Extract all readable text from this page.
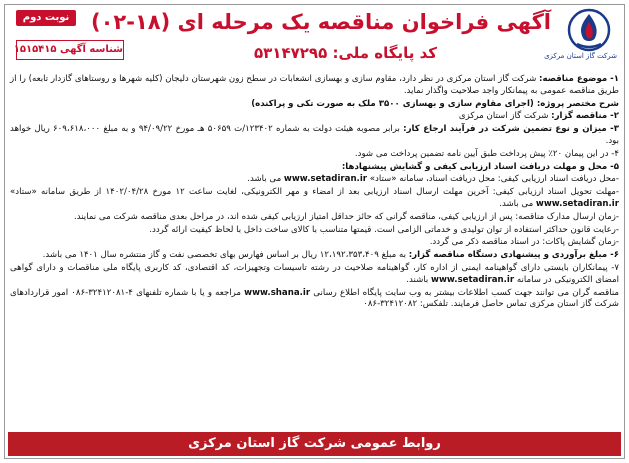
شرکت گاز استان مرکزی
آگهی فراخوان مناقصه یک مرحله ای (۱۸-۰۲)
کد پایگاه ملی: ۵۳۱۴۷۲۹۵
نوبت دوم
شناسه آگهی ۱۵۱۵۴۱۵
۱- موضوع مناقصه: شرکت گاز استان مرکزی در نظر دارد، مقاوم سازی و بهسازی انشعابات در سطح زون شهرستان دلیجان (کلیه شهرها و روستاهای گازدار تابعه) را از طریق مناقصه عمومی به پیمانکار واجد صلاحیت واگذار نماید.
شرح مختصر پروژه: (اجرای مقاوم سازی و بهسازی ۳۵۰۰ ملک به صورت تکی و پراکنده)
۲- مناقصه گزار: شرکت گاز استان مرکزی
۳- میزان و نوع تضمین شرکت در فرآیند ارجاع کار: برابر مصوبه هیئت دولت به شماره ۱۲۳۴۰۲/ت ۵۰۶۵۹ هـ مورخ ۹۴/۰۹/۲۲ و به مبلغ ۶۰۹،۶۱۸،۰۰۰ ریال خواهد بود.
۴- در این پیمان ۲۰٪ پیش پرداخت طبق آیین نامه تضمین پرداخت می شود.
۵- محل و مهلت دریافت اسناد ارزیابی کیفی و گشایش پیشنهادها:
-محل دریافت اسناد ارزیابی کیفی: محل دریافت اسناد، سامانه «ستاد» www.setadiran.ir می باشد.
-مهلت تحویل اسناد ارزیابی کیفی: آخرین مهلت ارسال اسناد ارزیابی بعد از امضاء و مهر الکترونیکی، لغایت ساعت ۱۲ مورخ ۱۴۰۲/۰۴/۲۸ از طریق سامانه «ستاد» www.setadiran.ir می باشد.
-زمان ارسال مدارک مناقصه: پس از ارزیابی کیفی، مناقصه گرانی که حائز حداقل امتیاز ارزیابی کیفی شده اند، در مراحل بعدی مناقصه شرکت می نمایند.
-رعایت قانون حداکثر استفاده از توان تولیدی و خدماتی الزامی است. قیمتها متناسب با کالای ساخت داخل با لحاظ کیفیت ارائه گردد.
-زمان گشایش پاکات: در اسناد مناقصه ذکر می گردد.
۶- مبلغ برآوردی و پیشنهادی دستگاه مناقصه گزار: به مبلغ ۱۲،۱۹۲،۳۵۳،۴۰۹ ریال بر اساس فهارس بهای تخصصی نفت و گاز منتشره سال ۱۴۰۱ می باشد.
۷- پیمانکاران بایستی دارای گواهینامه ایمنی از اداره کار، گواهینامه صلاحیت در رشته تاسیسات وتجهیزات، کد اقتصادی، کد کاربری پایگاه ملی مناقصات و دارای گواهی امضای الکترونیکی در سامانه www.setadiran.ir باشند.
مناقصه گران می توانند جهت کسب اطلاعات بیشتر به وب سایت پایگاه اطلاع رسانی www.shana.ir مراجعه و یا با شماره تلفنهای ۴-۳۲۴۱۲۰۸۱-۰۸۶ امور قراردادهای شرکت گاز استان مرکزی تماس حاصل فرمایند. تلفکس: ۳۲۴۱۲۰۸۲-۰۸۶
روابط عمومی شرکت گاز استان مرکزی
